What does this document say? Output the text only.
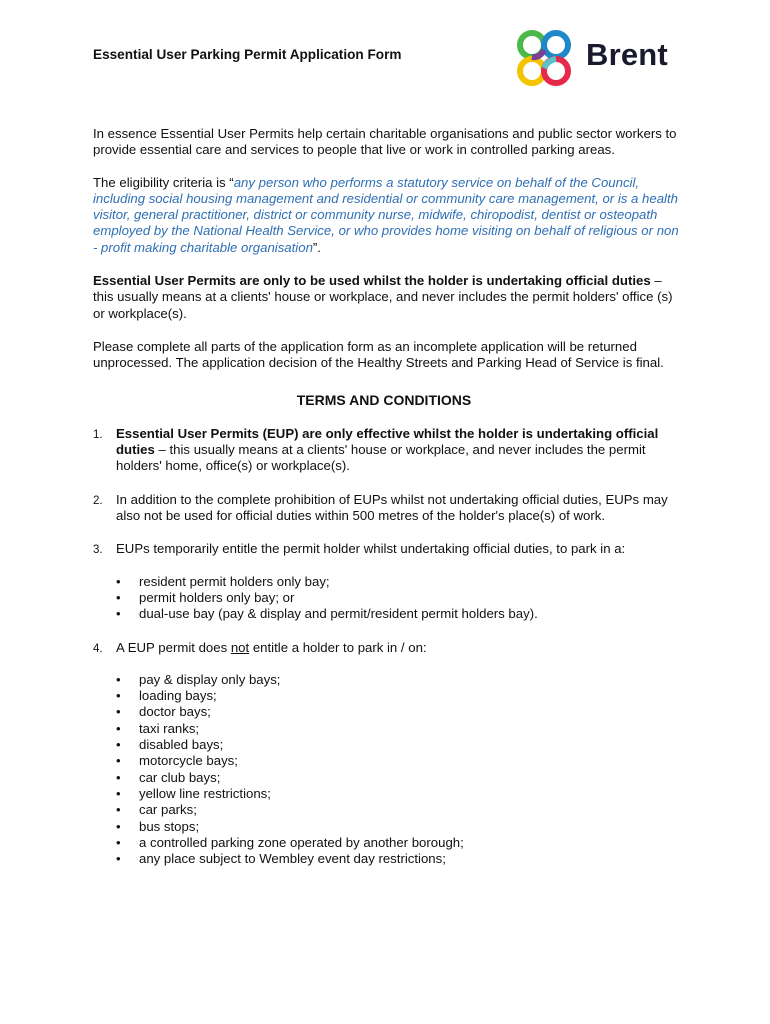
Essential User Parking Permit Application Form	Brent

In essence Essential User Permits help certain charitable organisations and public sector workers to provide essential care and services to people that live or work in controlled parking areas.

The eligibility criteria is “any person who performs a statutory service on behalf of the Council, including social housing management and residential or community care management, or is a health visitor, general practitioner, district or community nurse, midwife, chiropodist, dentist or osteopath employed by the National Health Service, or who provides home visiting on behalf of religious or non - profit making charitable organisation”.

Essential User Permits are only to be used whilst the holder is undertaking official duties – this usually means at a clients' house or workplace, and never includes the permit holders' office (s) or workplace(s).

Please complete all parts of the application form as an incomplete application will be returned unprocessed. The application decision of the Healthy Streets and Parking Head of Service is final.

TERMS AND CONDITIONS
1. Essential User Permits (EUP) are only effective whilst the holder is undertaking official duties – this usually means at a clients' house or workplace, and never includes the permit holders' home, office(s) or workplace(s).
2. In addition to the complete prohibition of EUPs whilst not undertaking official duties, EUPs may also not be used for official duties within 500 metres of the holder's place(s) of work.
3. EUPs temporarily entitle the permit holder whilst undertaking official duties, to park in a:
• resident permit holders only bay;
• permit holders only bay; or
• dual-use bay (pay & display and permit/resident permit holders bay).
4. A EUP permit does not entitle a holder to park in / on:
• pay & display only bays;
• loading bays;
• doctor bays;
• taxi ranks;
• disabled bays;
• motorcycle bays;
• car club bays;
• yellow line restrictions;
• car parks;
• bus stops;
• a controlled parking zone operated by another borough;
• any place subject to Wembley event day restrictions;
